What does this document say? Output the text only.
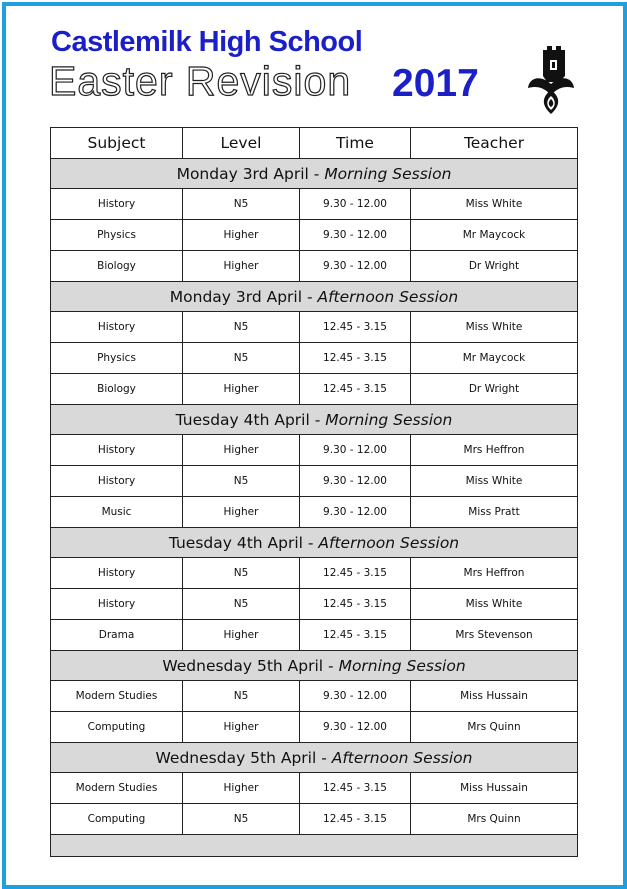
Castlemilk High School
Easter Revision 2017
Subject	Level	Time	Teacher
Monday 3rd April - Morning Session			
History	N5	9.30 - 12.00	Miss White
Physics	Higher	9.30 - 12.00	Mr Maycock
Biology	Higher	9.30 - 12.00	Dr Wright
Monday 3rd April - Afternoon Session			
History	N5	12.45 - 3.15	Miss White
Physics	N5	12.45 - 3.15	Mr Maycock
Biology	Higher	12.45 - 3.15	Dr Wright
Tuesday 4th April - Morning Session			
History	Higher	9.30 - 12.00	Mrs Heffron
History	N5	9.30 - 12.00	Miss White
Music	Higher	9.30 - 12.00	Miss Pratt
Tuesday 4th April - Afternoon Session			
History	N5	12.45 - 3.15	Mrs Heffron
History	N5	12.45 - 3.15	Miss White
Drama	Higher	12.45 - 3.15	Mrs Stevenson
Wednesday 5th April - Morning Session			
Modern Studies	N5	9.30 - 12.00	Miss Hussain
Computing	Higher	9.30 - 12.00	Mrs Quinn
Wednesday 5th April - Afternoon Session			
Modern Studies	Higher	12.45 - 3.15	Miss Hussain
Computing	N5	12.45 - 3.15	Mrs Quinn
